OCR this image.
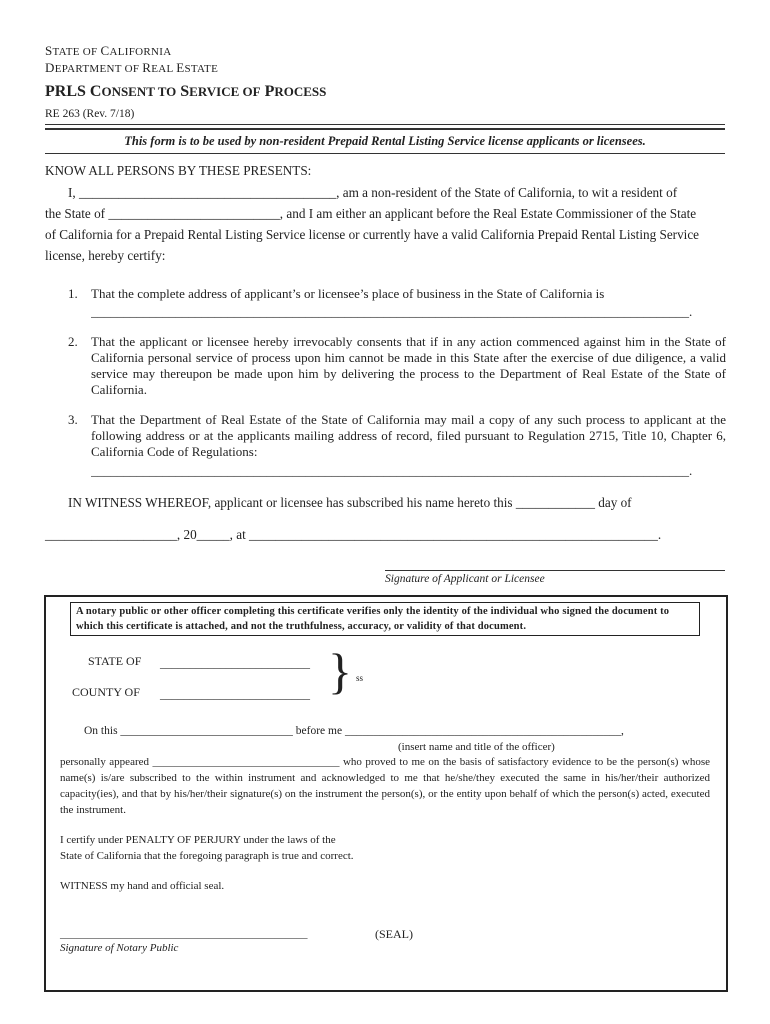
STATE OF CALIFORNIA
DEPARTMENT OF REAL ESTATE
PRLS CONSENT TO SERVICE OF PROCESS
RE 263 (Rev. 7/18)
This form is to be used by non-resident Prepaid Rental Listing Service license applicants or licensees.
KNOW ALL PERSONS BY THESE PRESENTS:
I, _______________________________________, am a non-resident of the State of California, to wit a resident of
the State of __________________________, and I am either an applicant before the Real Estate Commissioner of the State
of California for a Prepaid Rental Listing Service license or currently have a valid California Prepaid Rental Listing Service
license, hereby certify:
1. That the complete address of applicant’s or licensee’s place of business in the State of California is
____________________________________________________________________________________________.
2. That the applicant or licensee hereby irrevocably consents that if in any action commenced against him in the State of California personal service of process upon him cannot be made in this State after the exercise of due diligence, a valid service may thereupon be made upon him by delivering the process to the Department of Real Estate of the State of California.
3. That the Department of Real Estate of the State of California may mail a copy of any such process to applicant at the following address or at the applicants mailing address of record, filed pursuant to Regulation 2715, Title 10, Chapter 6, California Code of Regulations:
____________________________________________________________________________________________.
IN WITNESS WHEREOF, applicant or licensee has subscribed his name hereto this ____________ day of
____________________, 20_____, at ______________________________________________________________.
Signature of Applicant or Licensee
A notary public or other officer completing this certificate verifies only the identity of the individual who signed the document to which this certificate is attached, and not the truthfulness, accuracy, or validity of that document.
STATE OF _________________________
COUNTY OF _________________________ } ss
On this ______________________________ before me ________________________________________________,
(insert name and title of the officer)
personally appeared __________________________________ who proved to me on the basis of satisfactory evidence to be the person(s) whose name(s) is/are subscribed to the within instrument and acknowledged to me that he/she/they executed the same in his/her/their authorized capacity(ies), and that by his/her/their signature(s) on the instrument the person(s), or the entity upon behalf of which the person(s) acted, executed the instrument.
I certify under PENALTY OF PERJURY under the laws of the
State of California that the foregoing paragraph is true and correct.
WITNESS my hand and official seal.
_____________________________________________	(SEAL)
Signature of Notary Public
